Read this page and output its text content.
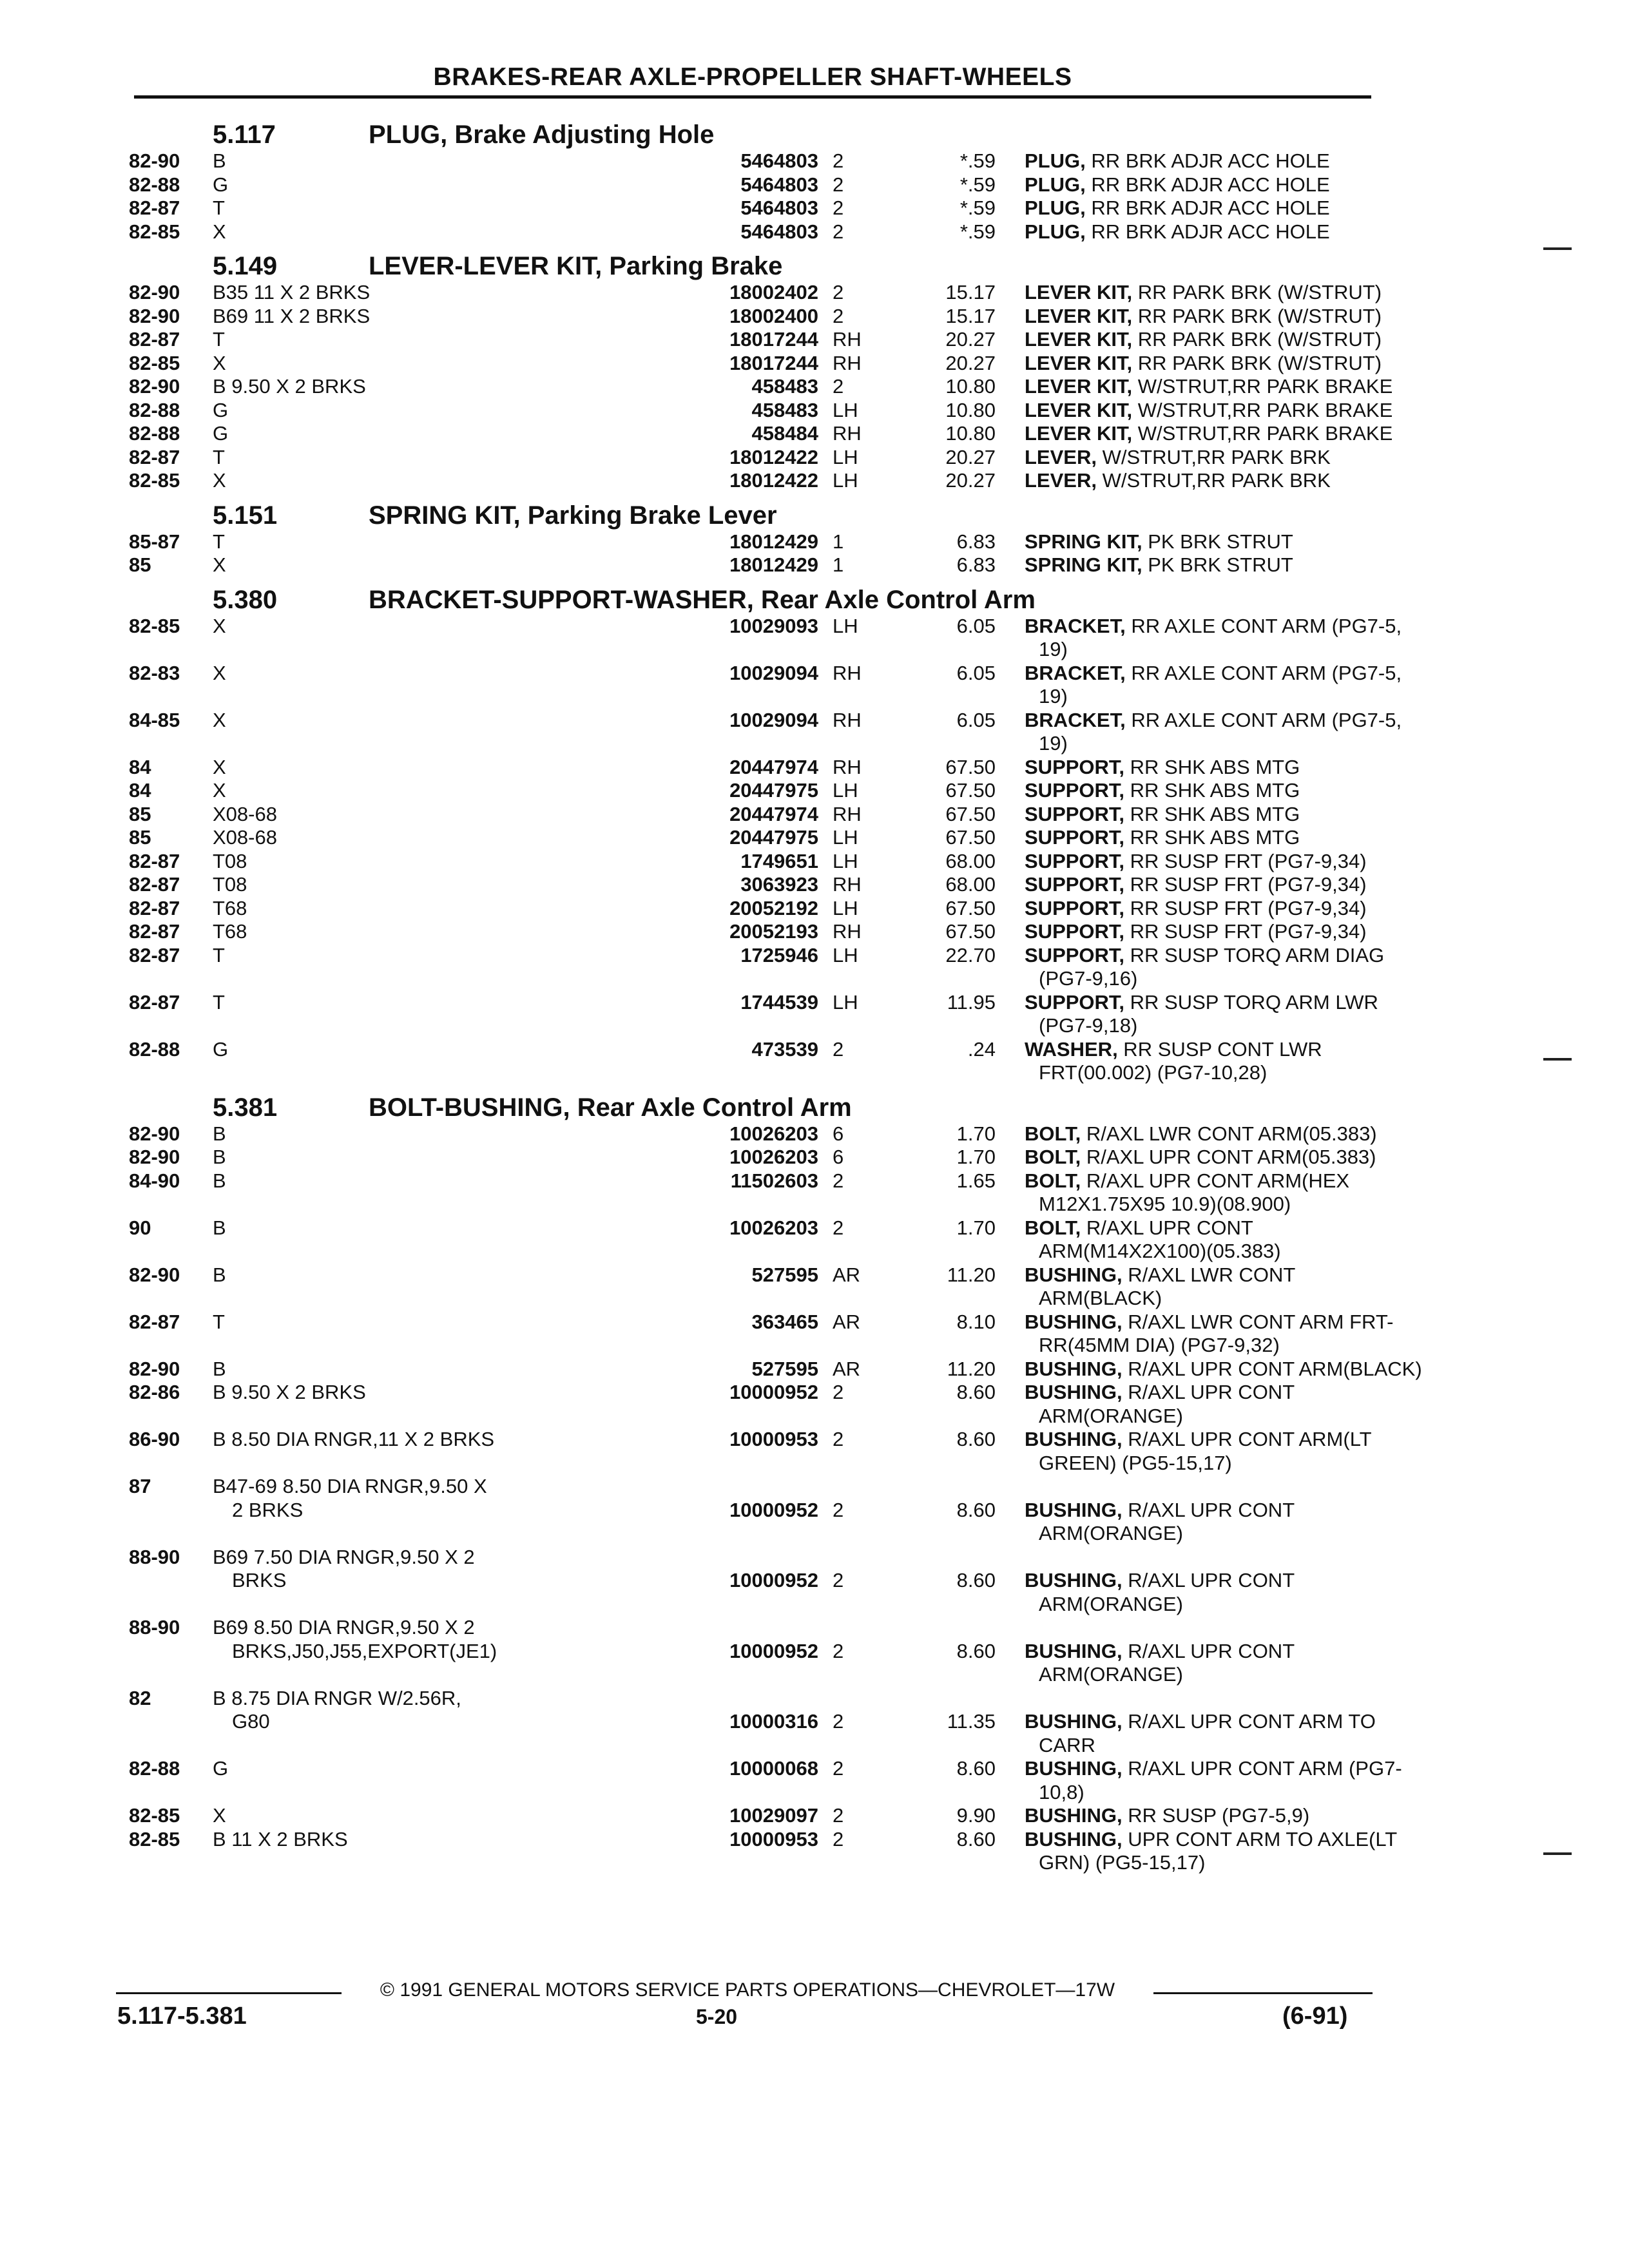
BRAKES-REAR AXLE-PROPELLER SHAFT-WHEELS
5.117	PLUG, Brake Adjusting Hole
82-90	B	5464803 2	*.59 PLUG, RR BRK ADJR ACC HOLE
82-88	G	5464803 2	*.59 PLUG, RR BRK ADJR ACC HOLE
82-87	T	5464803 2	*.59 PLUG, RR BRK ADJR ACC HOLE
82-85	X	5464803 2	*.59 PLUG, RR BRK ADJR ACC HOLE
5.149	LEVER-LEVER KIT, Parking Brake
82-90	B35 11 X 2 BRKS	18002402 2	15.17 LEVER KIT, RR PARK BRK (W/STRUT)
82-90	B69 11 X 2 BRKS	18002400 2	15.17 LEVER KIT, RR PARK BRK (W/STRUT)
82-87	T	18017244 RH	20.27 LEVER KIT, RR PARK BRK (W/STRUT)
82-85	X	18017244 RH	20.27 LEVER KIT, RR PARK BRK (W/STRUT)
82-90	B 9.50 X 2 BRKS	458483 2	10.80 LEVER KIT, W/STRUT,RR PARK BRAKE
82-88	G	458483 LH	10.80 LEVER KIT, W/STRUT,RR PARK BRAKE
82-88	G	458484 RH	10.80 LEVER KIT, W/STRUT,RR PARK BRAKE
82-87	T	18012422 LH	20.27 LEVER, W/STRUT,RR PARK BRK
82-85	X	18012422 LH	20.27 LEVER, W/STRUT,RR PARK BRK
5.151	SPRING KIT, Parking Brake Lever
85-87	T	18012429 1	6.83 SPRING KIT, PK BRK STRUT
85	X	18012429 1	6.83 SPRING KIT, PK BRK STRUT
5.380	BRACKET-SUPPORT-WASHER, Rear Axle Control Arm
82-85	X	10029093 LH	6.05 BRACKET, RR AXLE CONT ARM (PG7-5,
19)
82-83	X	10029094 RH	6.05 BRACKET, RR AXLE CONT ARM (PG7-5,
19)
84-85	X	10029094 RH	6.05 BRACKET, RR AXLE CONT ARM (PG7-5,
19)
84	X	20447974 RH	67.50 SUPPORT, RR SHK ABS MTG
84	X	20447975 LH	67.50 SUPPORT, RR SHK ABS MTG
85	X08-68	20447974 RH	67.50 SUPPORT, RR SHK ABS MTG
85	X08-68	20447975 LH	67.50 SUPPORT, RR SHK ABS MTG
82-87	T08	1749651 LH	68.00 SUPPORT, RR SUSP FRT (PG7-9,34)
82-87	T08	3063923 RH	68.00 SUPPORT, RR SUSP FRT (PG7-9,34)
82-87	T68	20052192 LH	67.50 SUPPORT, RR SUSP FRT (PG7-9,34)
82-87	T68	20052193 RH	67.50 SUPPORT, RR SUSP FRT (PG7-9,34)
82-87	T	1725946 LH	22.70 SUPPORT, RR SUSP TORQ ARM DIAG
(PG7-9,16)
82-87	T	1744539 LH	11.95 SUPPORT, RR SUSP TORQ ARM LWR
(PG7-9,18)
82-88	G	473539 2	.24 WASHER, RR SUSP CONT LWR
FRT(00.002) (PG7-10,28)
5.381	BOLT-BUSHING, Rear Axle Control Arm
82-90	B	10026203 6	1.70 BOLT, R/AXL LWR CONT ARM(05.383)
82-90	B	10026203 6	1.70 BOLT, R/AXL UPR CONT ARM(05.383)
84-90	B	11502603 2	1.65 BOLT, R/AXL UPR CONT ARM(HEX
M12X1.75X95 10.9)(08.900)
90	B	10026203 2	1.70 BOLT, R/AXL UPR CONT
ARM(M14X2X100)(05.383)
82-90	B	527595 AR	11.20 BUSHING, R/AXL LWR CONT
ARM(BLACK)
82-87	T	363465 AR	8.10 BUSHING, R/AXL LWR CONT ARM FRT-
RR(45MM DIA) (PG7-9,32)
82-90	B	527595 AR	11.20 BUSHING, R/AXL UPR CONT ARM(BLACK)
82-86	B 9.50 X 2 BRKS	10000952 2	8.60 BUSHING, R/AXL UPR CONT
ARM(ORANGE)
86-90	B 8.50 DIA RNGR,11 X 2 BRKS	10000953 2	8.60 BUSHING, R/AXL UPR CONT ARM(LT
GREEN) (PG5-15,17)
87	B47-69 8.50 DIA RNGR,9.50 X
2 BRKS	10000952 2	8.60 BUSHING, R/AXL UPR CONT
ARM(ORANGE)
88-90	B69 7.50 DIA RNGR,9.50 X 2
BRKS	10000952 2	8.60 BUSHING, R/AXL UPR CONT
ARM(ORANGE)
88-90	B69 8.50 DIA RNGR,9.50 X 2
BRKS,J50,J55,EXPORT(JE1)	10000952 2	8.60 BUSHING, R/AXL UPR CONT
ARM(ORANGE)
82	B 8.75 DIA RNGR W/2.56R,
G80	10000316 2	11.35 BUSHING, R/AXL UPR CONT ARM TO
CARR
82-88	G	10000068 2	8.60 BUSHING, R/AXL UPR CONT ARM (PG7-
10,8)
82-85	X	10029097 2	9.90 BUSHING, RR SUSP (PG7-5,9)
82-85	B 11 X 2 BRKS	10000953 2	8.60 BUSHING, UPR CONT ARM TO AXLE(LT
GRN) (PG5-15,17)
© 1991 GENERAL MOTORS SERVICE PARTS OPERATIONS—CHEVROLET—17W
5.117-5.381	5-20	(6-91)
